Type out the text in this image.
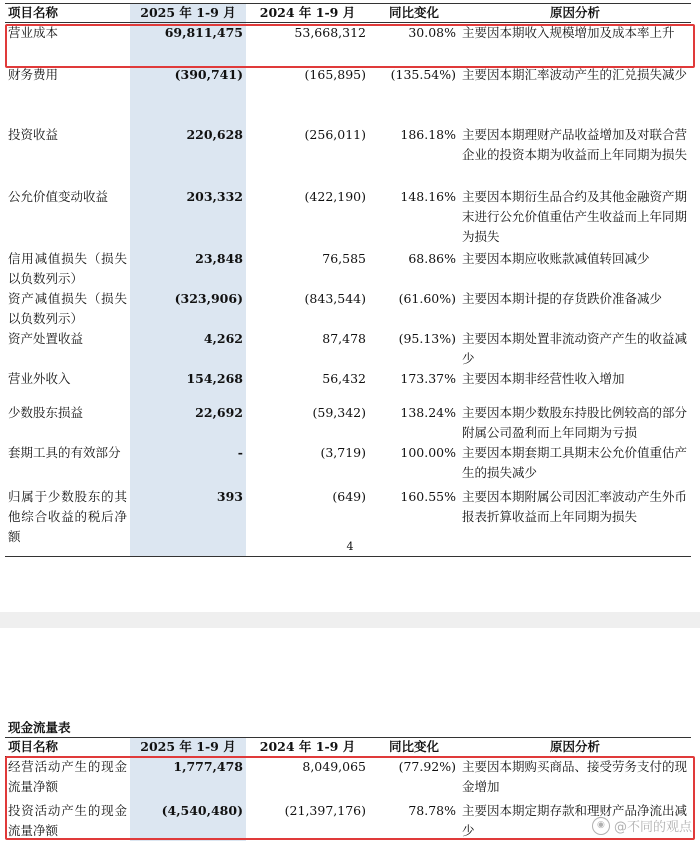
项目名称	2025 年 1-9 月	2024 年 1-9 月	同比变化	原因分析
营业成本	69,811,475	53,668,312	30.08%	主要因本期收入规模增加及成本率上升
财务费用	(390,741)	(165,895)	(135.54%)	主要因本期汇率波动产生的汇兑损失减少
投资收益	220,628	(256,011)	186.18%	主要因本期理财产品收益增加及对联合营企业的投资本期为收益而上年同期为损失
公允价值变动收益	203,332	(422,190)	148.16%	主要因本期衍生品合约及其他金融资产期末进行公允价值重估产生收益而上年同期为损失
信用减值损失（损失以负数列示）	23,848	76,585	68.86%	主要因本期应收账款减值转回减少
资产减值损失（损失以负数列示）	(323,906)	(843,544)	(61.60%)	主要因本期计提的存货跌价准备减少
资产处置收益	4,262	87,478	(95.13%)	主要因本期处置非流动资产产生的收益减少
营业外收入	154,268	56,432	173.37%	主要因本期非经营性收入增加
少数股东损益	22,692	(59,342)	138.24%	主要因本期少数股东持股比例较高的部分附属公司盈利而上年同期为亏损
套期工具的有效部分	-	(3,719)	100.00%	主要因本期套期工具期末公允价值重估产生的损失减少
归属于少数股东的其他综合收益的税后净额	393	(649)	160.55%	主要因本期附属公司因汇率波动产生外币报表折算收益而上年同期为损失
4
现金流量表
项目名称	2025 年 1-9 月	2024 年 1-9 月	同比变化	原因分析
经营活动产生的现金流量净额	1,777,478	8,049,065	(77.92%)	主要因本期购买商品、接受劳务支付的现金增加
投资活动产生的现金流量净额	(4,540,480)	(21,397,176)	78.78%	主要因本期定期存款和理财产品净流出减少	◉ @不同的观点
